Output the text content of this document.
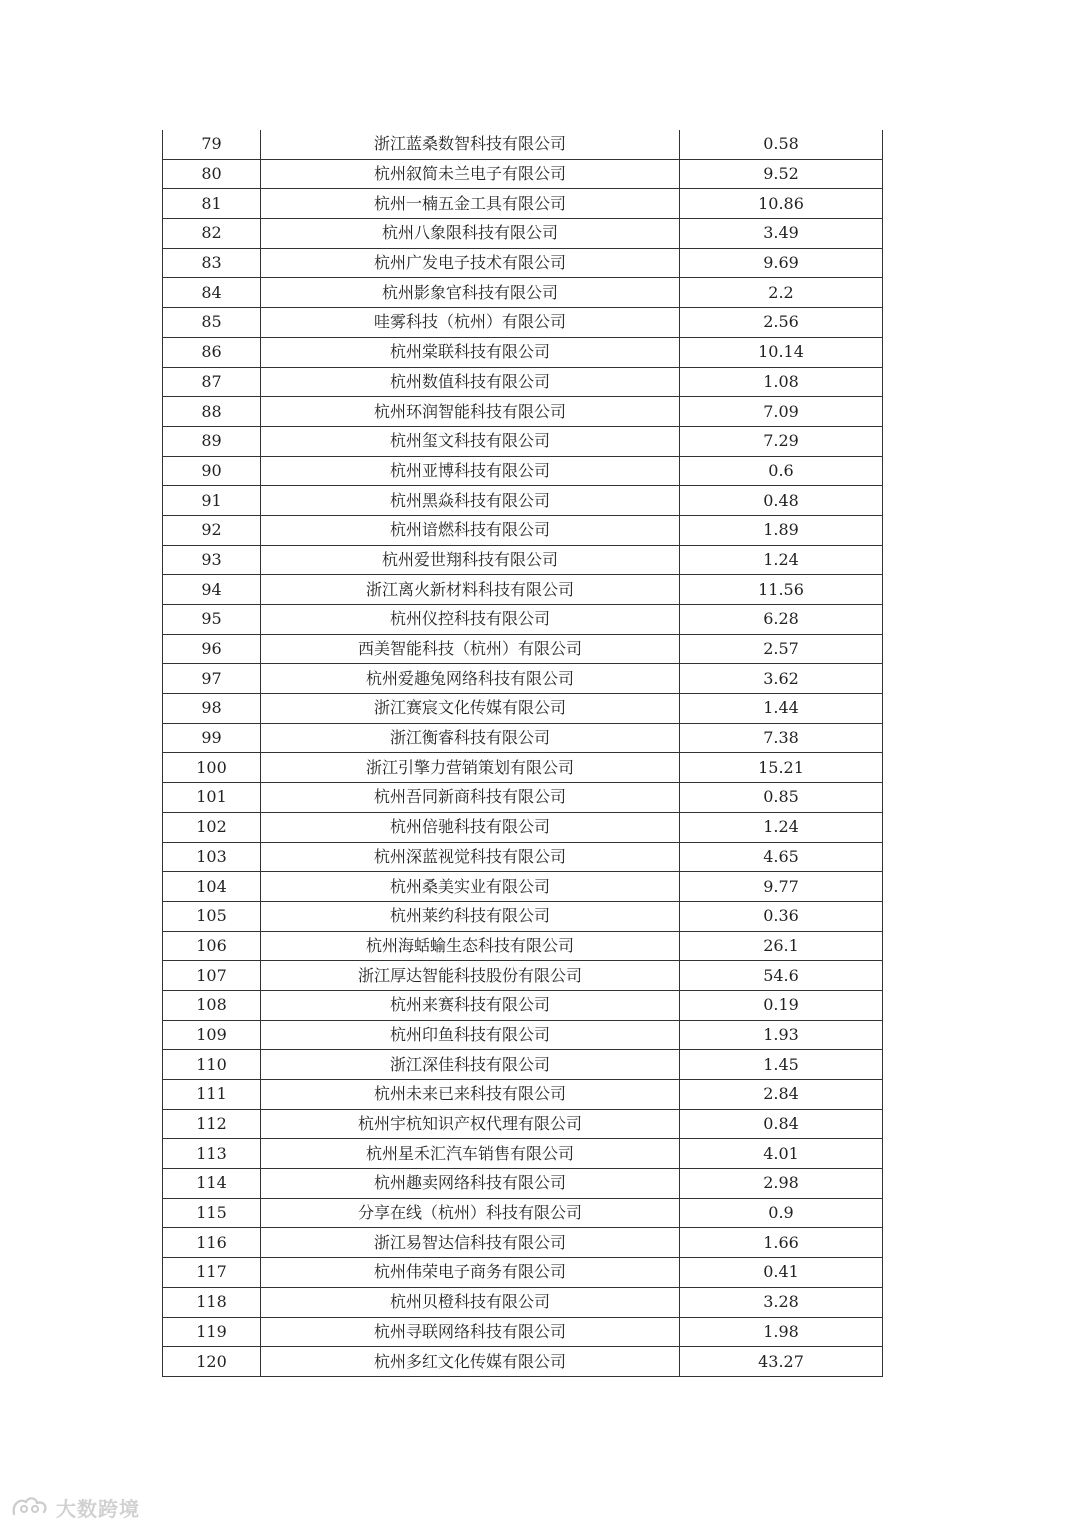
79	浙江蓝桑数智科技有限公司	0.58
80	杭州叙简未兰电子有限公司	9.52
81	杭州一楠五金工具有限公司	10.86
82	杭州八象限科技有限公司	3.49
83	杭州广发电子技术有限公司	9.69
84	杭州影象官科技有限公司	2.2
85	哇雾科技（杭州）有限公司	2.56
86	杭州棠联科技有限公司	10.14
87	杭州数值科技有限公司	1.08
88	杭州环润智能科技有限公司	7.09
89	杭州玺文科技有限公司	7.29
90	杭州亚博科技有限公司	0.6
91	杭州黑焱科技有限公司	0.48
92	杭州谙燃科技有限公司	1.89
93	杭州爱世翔科技有限公司	1.24
94	浙江离火新材料科技有限公司	11.56
95	杭州仪控科技有限公司	6.28
96	西美智能科技（杭州）有限公司	2.57
97	杭州爱趣兔网络科技有限公司	3.62
98	浙江赛宸文化传媒有限公司	1.44
99	浙江衡睿科技有限公司	7.38
100	浙江引擎力营销策划有限公司	15.21
101	杭州吾同新商科技有限公司	0.85
102	杭州倍驰科技有限公司	1.24
103	杭州深蓝视觉科技有限公司	4.65
104	杭州桑美实业有限公司	9.77
105	杭州莱约科技有限公司	0.36
106	杭州海蛞蝓生态科技有限公司	26.1
107	浙江厚达智能科技股份有限公司	54.6
108	杭州来赛科技有限公司	0.19
109	杭州印鱼科技有限公司	1.93
110	浙江深佳科技有限公司	1.45
111	杭州未来已来科技有限公司	2.84
112	杭州宇杭知识产权代理有限公司	0.84
113	杭州星禾汇汽车销售有限公司	4.01
114	杭州趣卖网络科技有限公司	2.98
115	分享在线（杭州）科技有限公司	0.9
116	浙江易智达信科技有限公司	1.66
117	杭州伟荣电子商务有限公司	0.41
118	杭州贝橙科技有限公司	3.28
119	杭州寻联网络科技有限公司	1.98
120	杭州多红文化传媒有限公司	43.27
大数跨境
